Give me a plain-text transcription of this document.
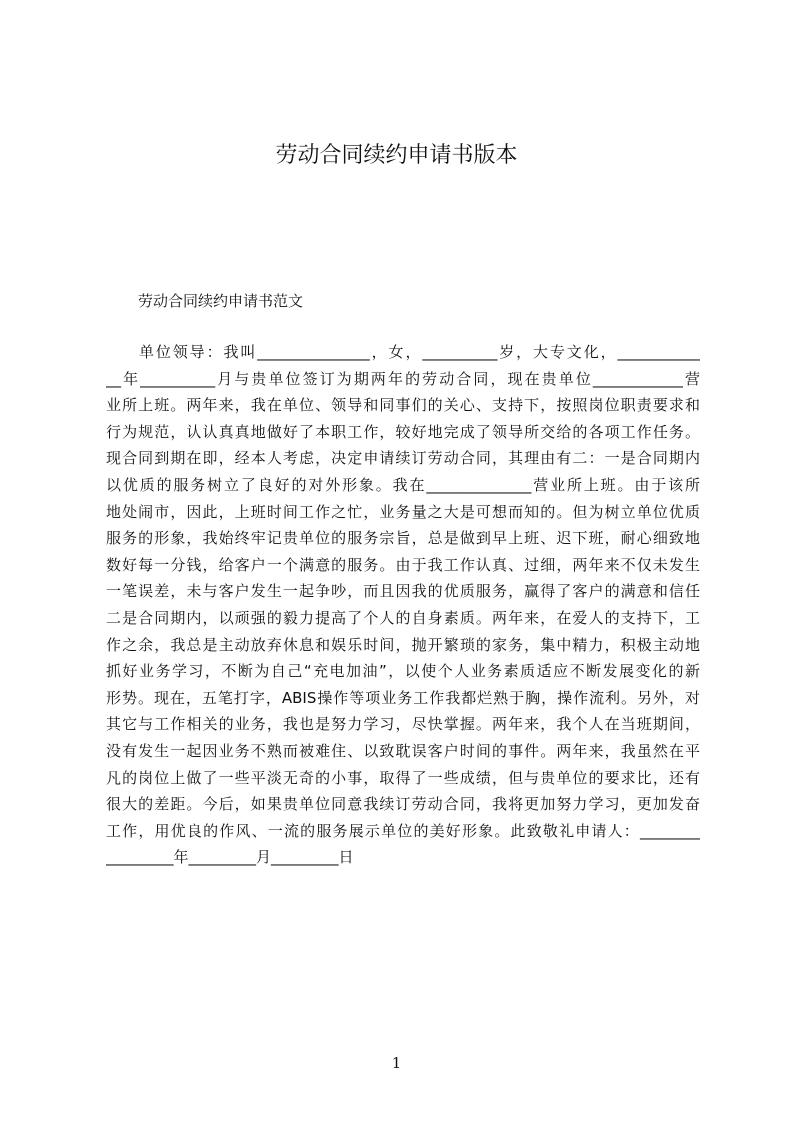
劳动合同续约申请书版本

劳动合同续约申请书范文

单位领导：我叫_______________，女，__________岁，大专文化，___________
__年__________月与贵单位签订为期两年的劳动合同，现在贵单位____________营
业所上班。两年来，我在单位、领导和同事们的关心、支持下，按照岗位职责要求和
行为规范，认认真真地做好了本职工作，较好地完成了领导所交给的各项工作任务。
现合同到期在即，经本人考虑，决定申请续订劳动合同，其理由有二：一是合同期内
以优质的服务树立了良好的对外形象。我在______________营业所上班。由于该所
地处闹市，因此，上班时间工作之忙，业务量之大是可想而知的。但为树立单位优质
服务的形象，我始终牢记贵单位的服务宗旨，总是做到早上班、迟下班，耐心细致地
数好每一分钱，给客户一个满意的服务。由于我工作认真、过细，两年来不仅未发生
一笔误差，未与客户发生一起争吵，而且因我的优质服务，赢得了客户的满意和信任
二是合同期内，以顽强的毅力提高了个人的自身素质。两年来，在爱人的支持下，工
作之余，我总是主动放弃休息和娱乐时间，抛开繁琐的家务，集中精力，积极主动地
抓好业务学习，不断为自己“充电加油”，以使个人业务素质适应不断发展变化的新
形势。现在，五笔打字，ABIS操作等项业务工作我都烂熟于胸，操作流利。另外，对
其它与工作相关的业务，我也是努力学习，尽快掌握。两年来，我个人在当班期间，
没有发生一起因业务不熟而被难住、以致耽误客户时间的事件。两年来，我虽然在平
凡的岗位上做了一些平淡无奇的小事，取得了一些成绩，但与贵单位的要求比，还有
很大的差距。今后，如果贵单位同意我续订劳动合同，我将更加努力学习，更加发奋
工作，用优良的作风、一流的服务展示单位的美好形象。此致敬礼申请人：________
_________年_________月_________日

1
